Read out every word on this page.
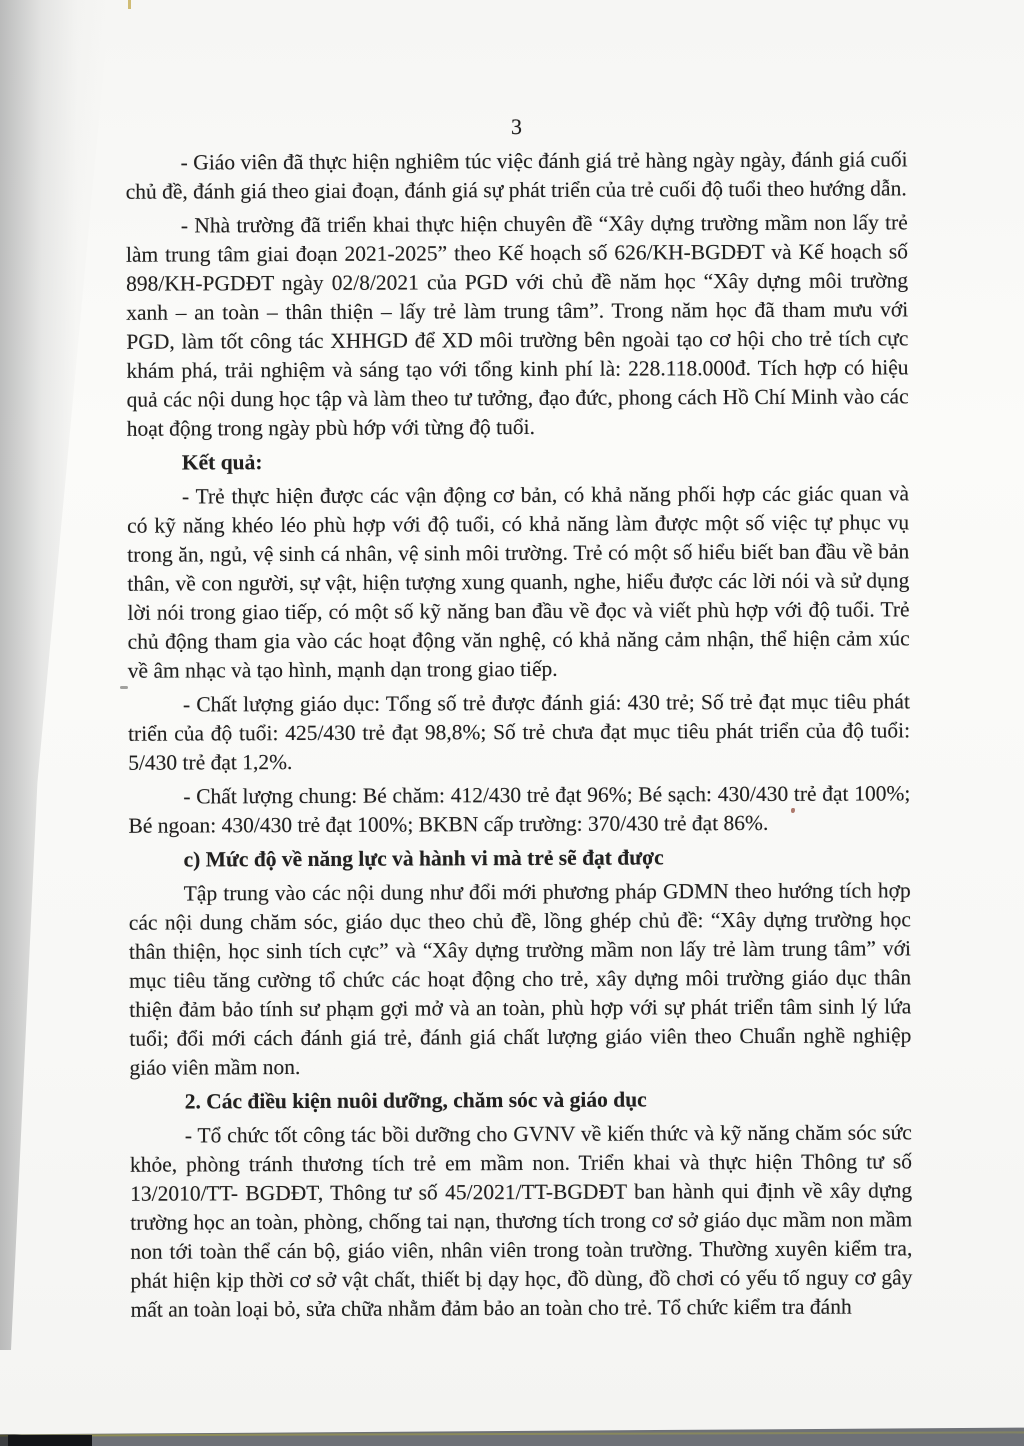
3

- Giáo viên đã thực hiện nghiêm túc việc đánh giá trẻ hàng ngày ngày, đánh giá cuối chủ đề, đánh giá theo giai đoạn, đánh giá sự phát triển của trẻ cuối độ tuổi theo hướng dẫn.

- Nhà trường đã triển khai thực hiện chuyên đề “Xây dựng trường mầm non lấy trẻ làm trung tâm giai đoạn 2021-2025” theo Kế hoạch số 626/KH-BGDĐT và Kế hoạch số 898/KH-PGDĐT ngày 02/8/2021 của PGD với chủ đề năm học “Xây dựng môi trường xanh – an toàn – thân thiện – lấy trẻ làm trung tâm”. Trong năm học đã tham mưu với PGD, làm tốt công tác XHHGD để XD môi trường bên ngoài tạo cơ hội cho trẻ tích cực khám phá, trải nghiệm và sáng tạo với tổng kinh phí là: 228.118.000đ. Tích hợp có hiệu quả các nội dung học tập và làm theo tư tưởng, đạo đức, phong cách Hồ Chí Minh vào các hoạt động trong ngày pbù hớp với từng độ tuổi.

Kết quả:

- Trẻ thực hiện được các vận động cơ bản, có khả năng phối hợp các giác quan và có kỹ năng khéo léo phù hợp với độ tuổi, có khả năng làm được một số việc tự phục vụ trong ăn, ngủ, vệ sinh cá nhân, vệ sinh môi trường. Trẻ có một số hiểu biết ban đầu về bản thân, về con người, sự vật, hiện tượng xung quanh, nghe, hiểu được các lời nói và sử dụng lời nói trong giao tiếp, có một số kỹ năng ban đầu về đọc và viết phù hợp với độ tuổi. Trẻ chủ động tham gia vào các hoạt động văn nghệ, có khả năng cảm nhận, thể hiện cảm xúc về âm nhạc và tạo hình, mạnh dạn trong giao tiếp.

- Chất lượng giáo dục: Tổng số trẻ được đánh giá: 430 trẻ; Số trẻ đạt mục tiêu phát triển của độ tuổi: 425/430 trẻ đạt 98,8%; Số trẻ chưa đạt mục tiêu phát triển của độ tuổi: 5/430 trẻ đạt 1,2%.

- Chất lượng chung: Bé chăm: 412/430 trẻ đạt 96%; Bé sạch: 430/430 trẻ đạt 100%; Bé ngoan: 430/430 trẻ đạt 100%; BKBN cấp trường: 370/430 trẻ đạt 86%.

c) Mức độ về năng lực và hành vi mà trẻ sẽ đạt được

Tập trung vào các nội dung như đổi mới phương pháp GDMN theo hướng tích hợp các nội dung chăm sóc, giáo dục theo chủ đề, lồng ghép chủ đề: “Xây dựng trường học thân thiện, học sinh tích cực” và “Xây dựng trường mầm non lấy trẻ làm trung tâm” với mục tiêu tăng cường tổ chức các hoạt động cho trẻ, xây dựng môi trường giáo dục thân thiện đảm bảo tính sư phạm gợi mở và an toàn, phù hợp với sự phát triển tâm sinh lý lứa tuổi; đổi mới cách đánh giá trẻ, đánh giá chất lượng giáo viên theo Chuẩn nghề nghiệp giáo viên mầm non.

2. Các điều kiện nuôi dưỡng, chăm sóc và giáo dục

- Tổ chức tốt công tác bồi dưỡng cho GVNV về kiến thức và kỹ năng chăm sóc sức khỏe, phòng tránh thương tích trẻ em mầm non. Triển khai và thực hiện Thông tư số 13/2010/TT- BGDĐT, Thông tư số 45/2021/TT-BGDĐT ban hành qui định về xây dựng trường học an toàn, phòng, chống tai nạn, thương tích trong cơ sở giáo dục mầm non mầm non tới toàn thể cán bộ, giáo viên, nhân viên trong toàn trường. Thường xuyên kiểm tra, phát hiện kịp thời cơ sở vật chất, thiết bị dạy học, đồ dùng, đồ chơi có yếu tố nguy cơ gây mất an toàn loại bỏ, sửa chữa nhằm đảm bảo an toàn cho trẻ. Tổ chức kiểm tra đánh
